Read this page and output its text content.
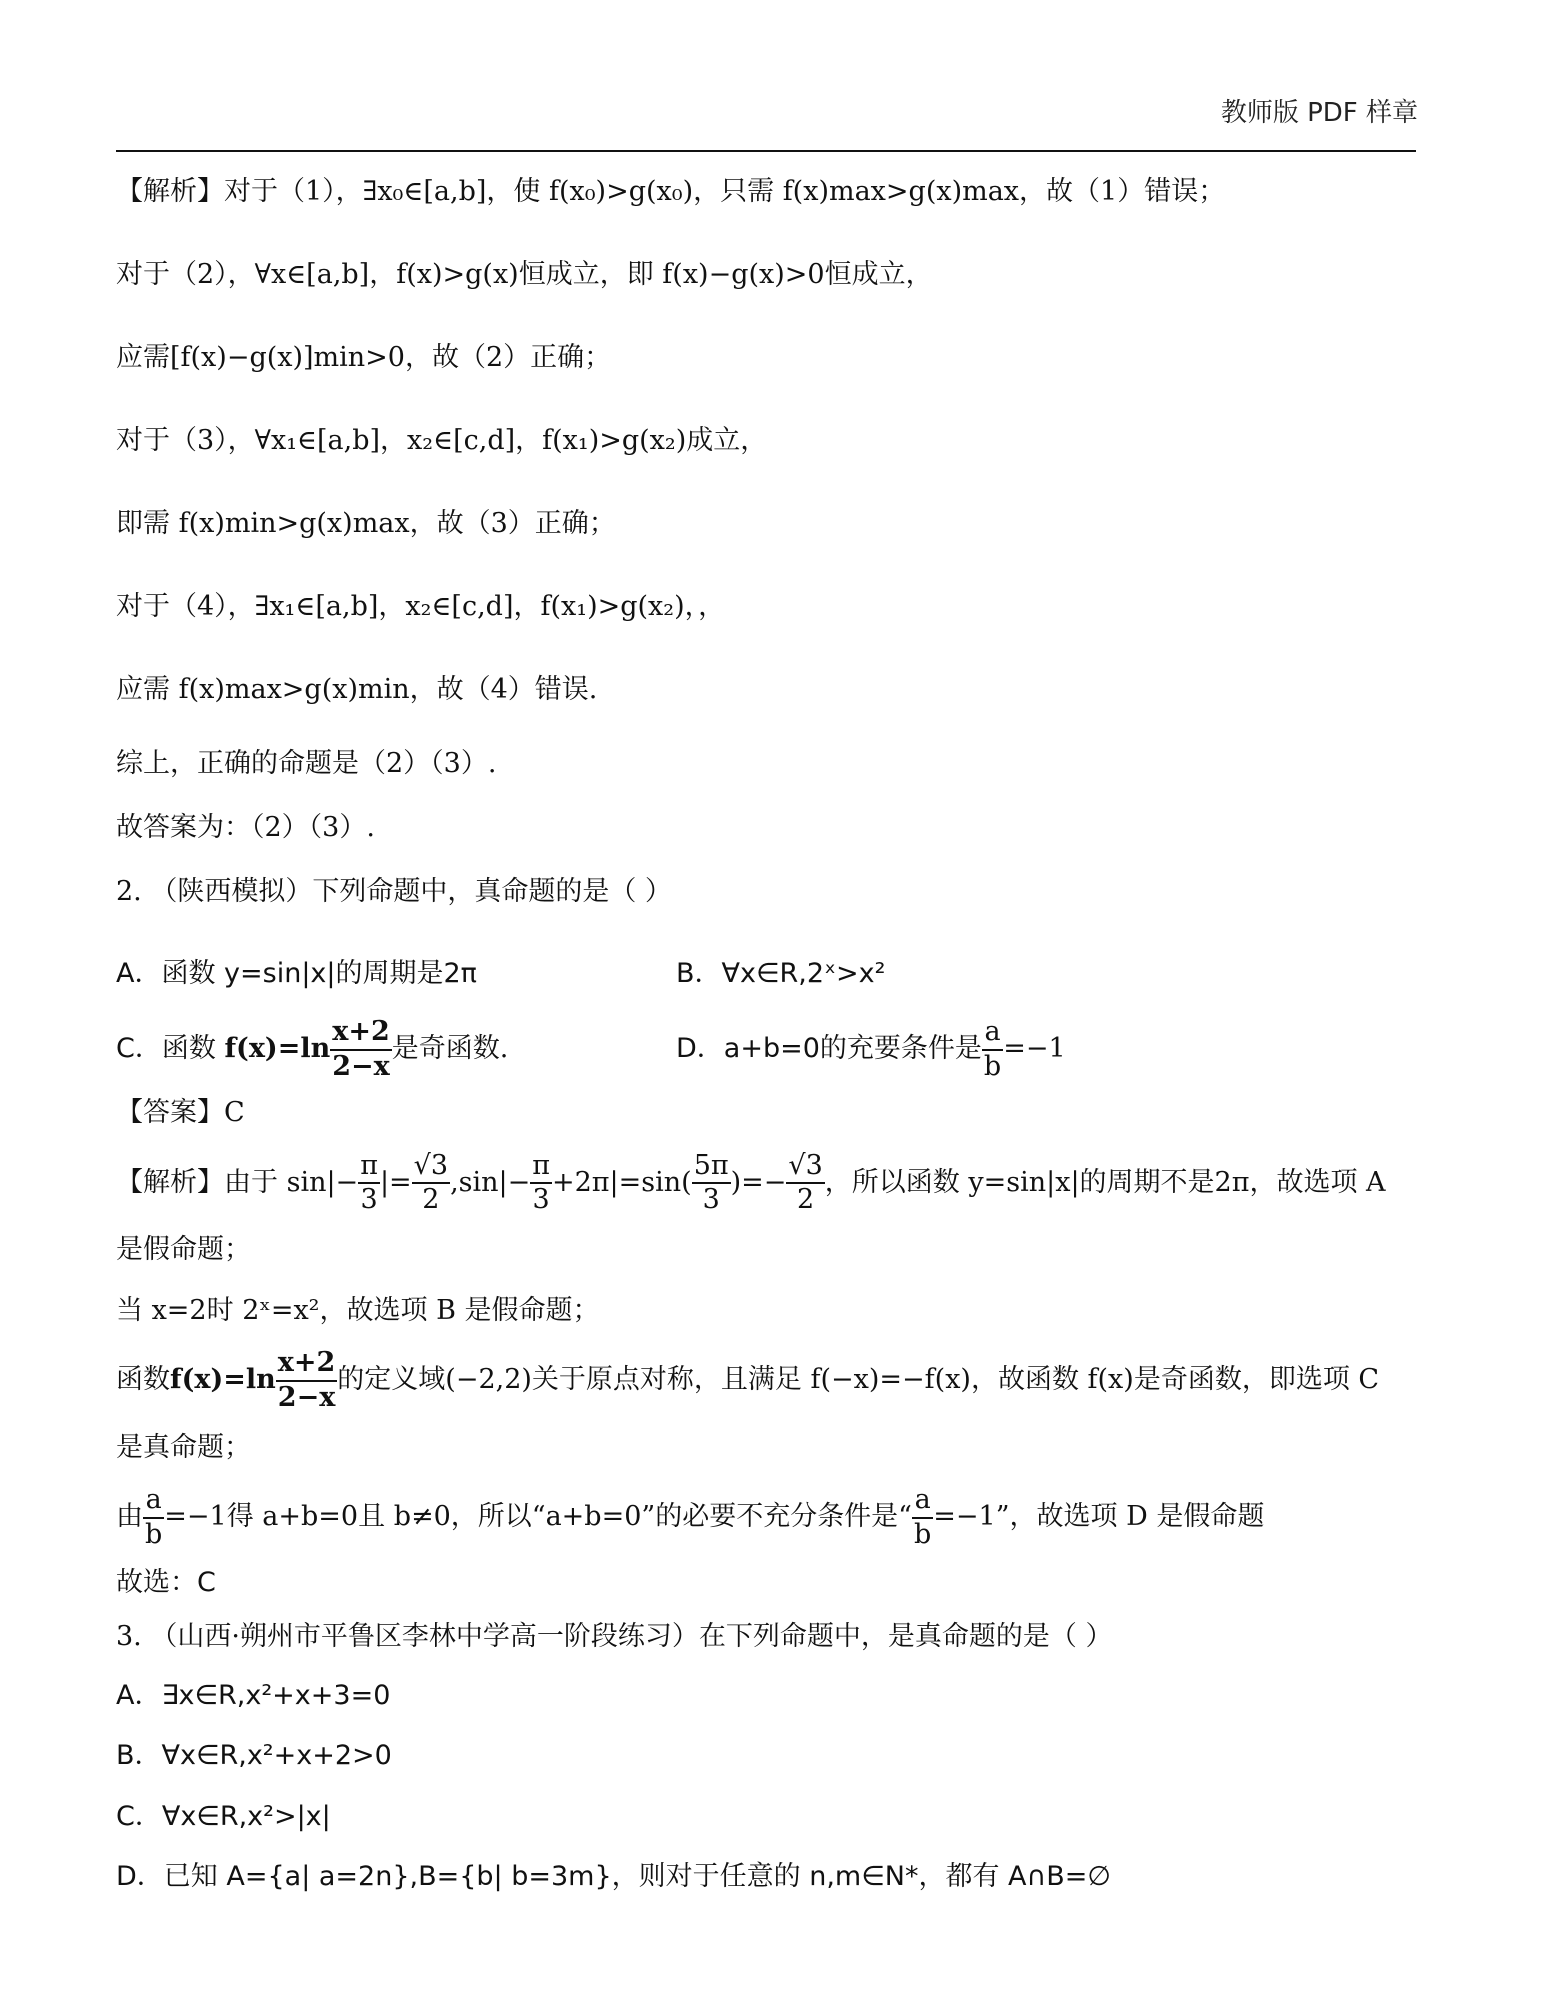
教师版 PDF 样章
【解析】对于（1），∃x₀∈[a,b]，使 f(x₀)>g(x₀)，只需 f(x)max>g(x)max，故（1）错误；
对于（2），∀x∈[a,b]，f(x)>g(x)恒成立，即 f(x)−g(x)>0恒成立，
应需[f(x)−g(x)]min>0，故（2）正确；
对于（3），∀x₁∈[a,b]，x₂∈[c,d]，f(x₁)>g(x₂)成立，
即需 f(x)min>g(x)max，故（3）正确；
对于（4），∃x₁∈[a,b]，x₂∈[c,d]，f(x₁)>g(x₂)，，
应需 f(x)max>g(x)min，故（4）错误.
综上，正确的命题是（2）（3）.
故答案为：（2）（3）.
2. （陕西模拟）下列命题中，真命题的是（ ）
A．函数 y=sin|x|的周期是2π	B．∀x∈R,2ˣ>x²
C．函数 $f(x)=\ln \frac{x+2}{2-x}$ 是奇函数.	D．a+b=0的充要条件是 $\frac{a}{b} =-1$
【答案】C
【解析】由于 $\sin|- \frac{\pi}{3}$ |= $\frac{√3}{2} ,\sin|- \frac{\pi}{3} +2\pi|=\sin( \frac{5\pi}{3}$ )=− $\frac{√3}{2}$ ，所以函数 y=sin|x|的周期不是2π，故选项 A
是假命题；
当 x=2时 2ˣ=x²，故选项 B 是假命题；
函数 $f(x)=\ln \frac{x+2}{2-x}$ 的定义域(−2,2)关于原点对称，且满足 f(−x)=−f(x)，故函数 f(x)是奇函数，即选项 C
是真命题；
由 $\frac{a}{b} =-1$得 a+b=0且 b≠0，所以“a+b=0”的必要不充分条件是“ $\frac{a}{b} =-1$”，故选项 D 是假命题
故选：C
3. （山西·朔州市平鲁区李林中学高一阶段练习）在下列命题中，是真命题的是（ ）
A．∃x∈R,x²+x+3=0
B．∀x∈R,x²+x+2>0
C．∀x∈R,x²>|x|
D．已知 A={a| a=2n},B={b| b=3m}，则对于任意的 n,m∈N*，都有 A∩B=∅
